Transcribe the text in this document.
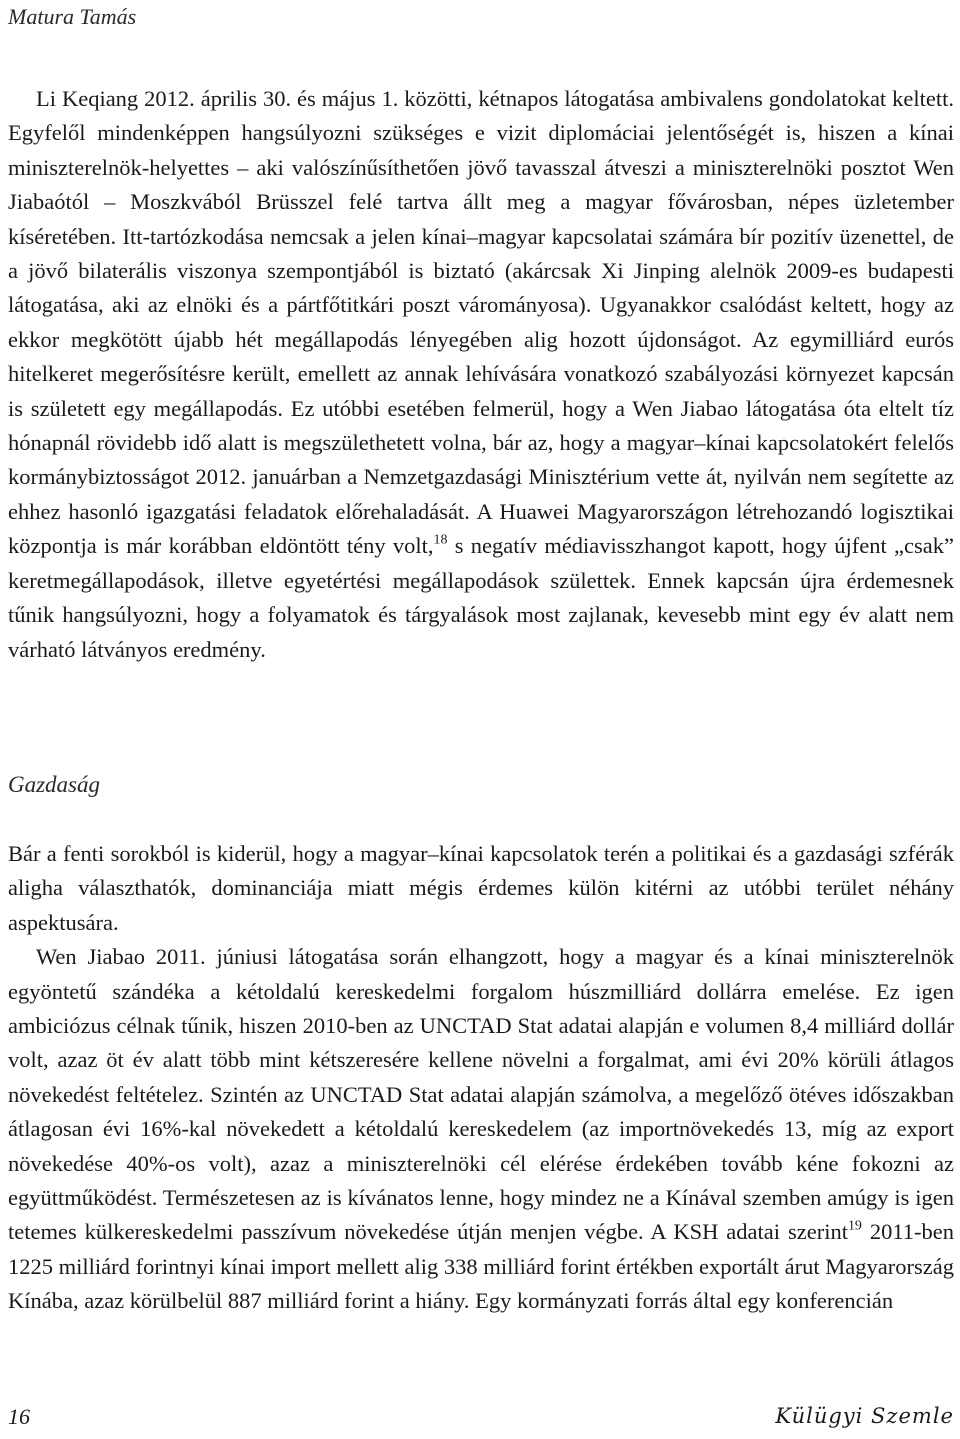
Matura Tamás

Li Keqiang 2012. április 30. és május 1. közötti, kétnapos látogatása ambivalens gondolatokat keltett. Egyfelől mindenképpen hangsúlyozni szükséges e vizit diplomáciai jelentőségét is, hiszen a kínai miniszterelnök-helyettes – aki valószínűsíthetően jövő tavasszal átveszi a miniszterelnöki posztot Wen Jiabaótól – Moszkvából Brüsszel felé tartva állt meg a magyar fővárosban, népes üzletember kíséretében. Itt-tartózkodása nemcsak a jelen kínai–magyar kapcsolatai számára bír pozitív üzenettel, de a jövő bilaterális viszonya szempontjából is biztató (akárcsak Xi Jinping alelnök 2009-es budapesti látogatása, aki az elnöki és a pártfőtitkári poszt várományosa). Ugyanakkor csalódást keltett, hogy az ekkor megkötött újabb hét megállapodás lényegében alig hozott újdonságot. Az egymilliárd eurós hitelkeret megerősítésre került, emellett az annak lehívására vonatkozó szabályozási környezet kapcsán is született egy megállapodás. Ez utóbbi esetében felmerül, hogy a Wen Jiabao látogatása óta eltelt tíz hónapnál rövidebb idő alatt is megszülethetett volna, bár az, hogy a magyar–kínai kapcsolatokért felelős kormánybiztosságot 2012. januárban a Nemzetgazdasági Minisztérium vette át, nyilván nem segítette az ehhez hasonló igazgatási feladatok előrehaladását. A Huawei Magyarországon létrehozandó logisztikai központja is már korábban eldöntött tény volt,$^{18}$ s negatív médiavisszhangot kapott, hogy újfent „csak” keretmegállapodások, illetve egyetértési megállapodások születtek. Ennek kapcsán újra érdemesnek tűnik hangsúlyozni, hogy a folyamatok és tárgyalások most zajlanak, kevesebb mint egy év alatt nem várható látványos eredmény.

Gazdaság

Bár a fenti sorokból is kiderül, hogy a magyar–kínai kapcsolatok terén a politikai és a gazdasági szférák aligha választhatók, dominanciája miatt mégis érdemes külön kitérni az utóbbi terület néhány aspektusára.

Wen Jiabao 2011. júniusi látogatása során elhangzott, hogy a magyar és a kínai miniszterelnök egyöntetű szándéka a kétoldalú kereskedelmi forgalom húszmilliárd dollárra emelése. Ez igen ambiciózus célnak tűnik, hiszen 2010-ben az UNCTAD Stat adatai alapján e volumen 8,4 milliárd dollár volt, azaz öt év alatt több mint kétszeresére kellene növelni a forgalmat, ami évi 20% körüli átlagos növekedést feltételez. Szintén az UNCTAD Stat adatai alapján számolva, a megelőző ötéves időszakban átlagosan évi 16%-kal növekedett a kétoldalú kereskedelem (az importnövekedés 13, míg az export növekedése 40%-os volt), azaz a miniszterelnöki cél elérése érdekében tovább kéne fokozni az együttműködést. Természetesen az is kívánatos lenne, hogy mindez ne a Kínával szemben amúgy is igen tetemes külkereskedelmi passzívum növekedése útján menjen végbe. A KSH adatai szerint$^{19}$ 2011-ben 1225 milliárd forintnyi kínai import mellett alig 338 milliárd forint értékben exportált árut Magyarország Kínába, azaz körülbelül 887 milliárd forint a hiány. Egy kormányzati forrás által egy konferencián

16	Külügyi Szemle
